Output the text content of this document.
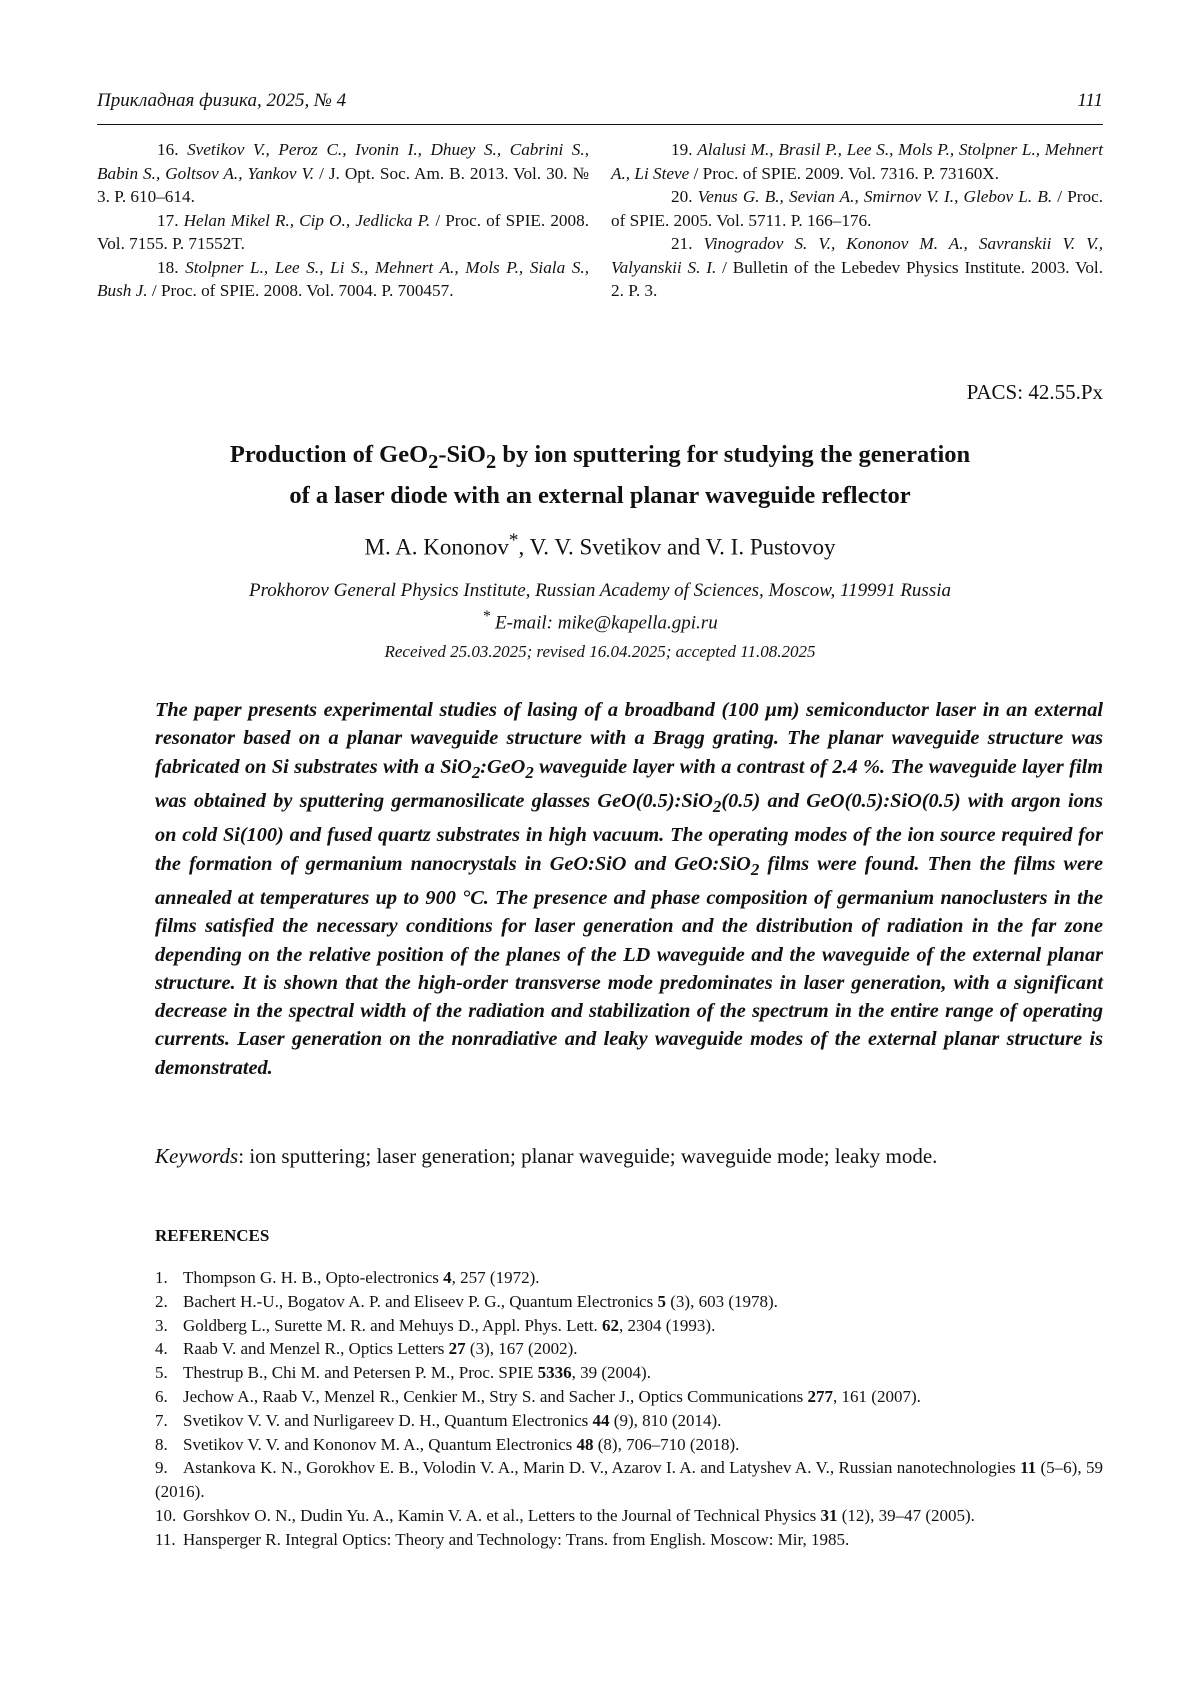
Прикладная физика, 2025, № 4	111

16. Svetikov V., Peroz C., Ivonin I., Dhuey S., Cabrini S., Babin S., Goltsov A., Yankov V. / J. Opt. Soc. Am. B. 2013. Vol. 30. № 3. P. 610–614.

17. Helan Mikel R., Cip O., Jedlicka P. / Proc. of SPIE. 2008. Vol. 7155. P. 71552T.

18. Stolpner L., Lee S., Li S., Mehnert A., Mols P., Siala S., Bush J. / Proc. of SPIE. 2008. Vol. 7004. P. 700457.

19. Alalusi M., Brasil P., Lee S., Mols P., Stolpner L., Mehnert A., Li Steve / Proc. of SPIE. 2009. Vol. 7316. P. 73160X.

20. Venus G. B., Sevian A., Smirnov V. I., Glebov L. B. / Proc. of SPIE. 2005. Vol. 5711. P. 166–176.

21. Vinogradov S. V., Kononov M. A., Savranskii V. V., Valyanskii S. I. / Bulletin of the Lebedev Physics Institute. 2003. Vol. 2. P. 3.

PACS: 42.55.Px
Production of GeO$_2$-SiO$_2$ by ion sputtering for studying the generation
of a laser diode with an external planar waveguide reflector
M. A. Kononov*, V. V. Svetikov and V. I. Pustovoy
Prokhorov General Physics Institute, Russian Academy of Sciences, Moscow, 119991 Russia
* E-mail: mike@kapella.gpi.ru
Received 25.03.2025; revised 16.04.2025; accepted 11.08.2025

The paper presents experimental studies of lasing of a broadband (100 µm) semiconductor laser in an external resonator based on a planar waveguide structure with a Bragg grating. The planar waveguide structure was fabricated on Si substrates with a SiO$_2$:GeO$_2$ waveguide layer with a contrast of 2.4 %. The waveguide layer film was obtained by sputtering germanosilicate glasses GeO(0.5):SiO$_2$(0.5) and GeO(0.5):SiO(0.5) with argon ions on cold Si(100) and fused quartz substrates in high vacuum. The operating modes of the ion source required for the formation of germanium nanocrystals in GeO:SiO and GeO:SiO$_2$ films were found. Then the films were annealed at temperatures up to 900 °C. The presence and phase composition of germanium nanoclusters in the films satisfied the necessary conditions for laser generation and the distribution of radiation in the far zone depending on the relative position of the planes of the LD waveguide and the waveguide of the external planar structure. It is shown that the high-order transverse mode predominates in laser generation, with a significant decrease in the spectral width of the radiation and stabilization of the spectrum in the entire range of operating currents. Laser generation on the nonradiative and leaky waveguide modes of the external planar structure is demonstrated.

Keywords: ion sputtering; laser generation; planar waveguide; waveguide mode; leaky mode.
REFERENCES
1. Thompson G. H. B., Opto-electronics 4, 257 (1972).
2. Bachert H.-U., Bogatov A. P. and Eliseev P. G., Quantum Electronics 5 (3), 603 (1978).
3. Goldberg L., Surette M. R. and Mehuys D., Appl. Phys. Lett. 62, 2304 (1993).
4. Raab V. and Menzel R., Optics Letters 27 (3), 167 (2002).
5. Thestrup B., Chi M. and Petersen P. M., Proc. SPIE 5336, 39 (2004).
6. Jechow A., Raab V., Menzel R., Cenkier M., Stry S. and Sacher J., Optics Communications 277, 161 (2007).
7. Svetikov V. V. and Nurligareev D. H., Quantum Electronics 44 (9), 810 (2014).
8. Svetikov V. V. and Kononov M. A., Quantum Electronics 48 (8), 706–710 (2018).
9. Astankova K. N., Gorokhov E. B., Volodin V. A., Marin D. V., Azarov I. A. and Latyshev A. V., Russian nanotechnologies 11 (5–6), 59 (2016).
10. Gorshkov O. N., Dudin Yu. A., Kamin V. A. et al., Letters to the Journal of Technical Physics 31 (12), 39–47 (2005).
11. Hansperger R. Integral Optics: Theory and Technology: Trans. from English. Moscow: Mir, 1985.
